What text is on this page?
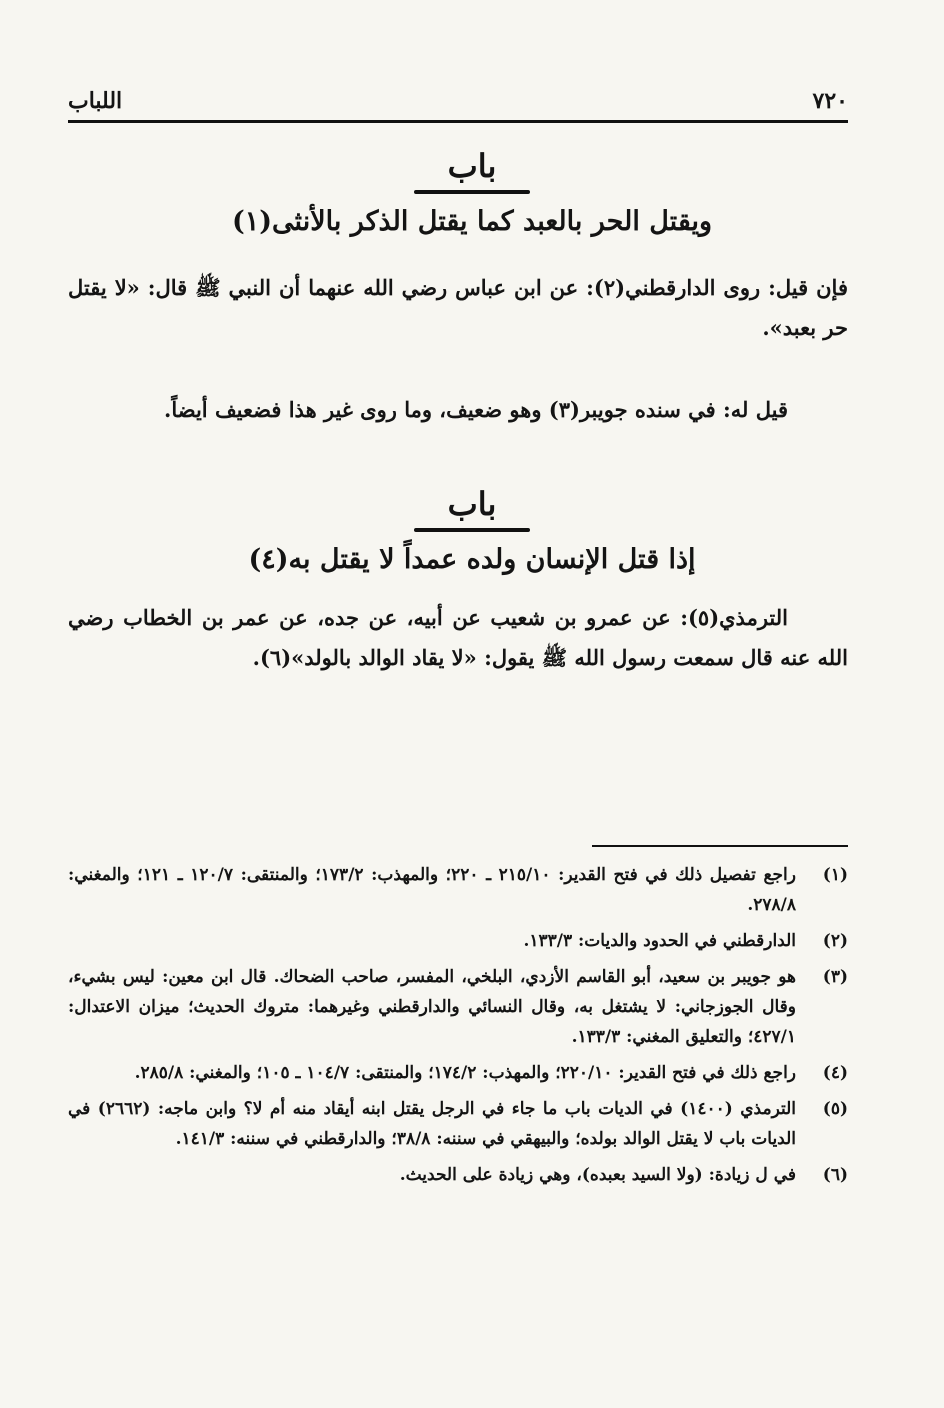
٧٢٠
اللباب
باب
ويقتل الحر بالعبد كما يقتل الذكر بالأنثى(١)
فإن قيل: روى الدارقطني(٢): عن ابن عباس رضي الله عنهما أن النبي ﷺ قال: «لا يقتل حر بعبد».
قيل له: في سنده جويبر(٣) وهو ضعيف، وما روى غير هذا فضعيف أيضاً.
باب
إذا قتل الإنسان ولده عمداً لا يقتل به(٤)
الترمذي(٥): عن عمرو بن شعيب عن أبيه، عن جده، عن عمر بن الخطاب رضي الله عنه قال سمعت رسول الله ﷺ يقول: «لا يقاد الوالد بالولد»(٦).
(١)
راجع تفصيل ذلك في فتح القدير: ٢١٥/١٠ ـ ٢٢٠؛ والمهذب: ١٧٣/٢؛ والمنتقى: ١٢٠/٧ ـ ١٢١؛ والمغني: ٢٧٨/٨.
(٢)
الدارقطني في الحدود والديات: ١٣٣/٣.
(٣)
هو جويبر بن سعيد، أبو القاسم الأزدي، البلخي، المفسر، صاحب الضحاك. قال ابن معين: ليس بشيء، وقال الجوزجاني: لا يشتغل به، وقال النسائي والدارقطني وغيرهما: متروك الحديث؛ ميزان الاعتدال: ٤٢٧/١؛ والتعليق المغني: ١٣٣/٣.
(٤)
راجع ذلك في فتح القدير: ٢٢٠/١٠؛ والمهذب: ١٧٤/٢؛ والمنتقى: ١٠٤/٧ ـ ١٠٥؛ والمغني: ٢٨٥/٨.
(٥)
الترمذي (١٤٠٠) في الديات باب ما جاء في الرجل يقتل ابنه أيقاد منه أم لا؟ وابن ماجه: (٢٦٦٢) في الديات باب لا يقتل الوالد بولده؛ والبيهقي في سننه: ٣٨/٨؛ والدارقطني في سننه: ١٤١/٣.
(٦)
في ل زيادة: (ولا السيد بعبده)، وهي زيادة على الحديث.
